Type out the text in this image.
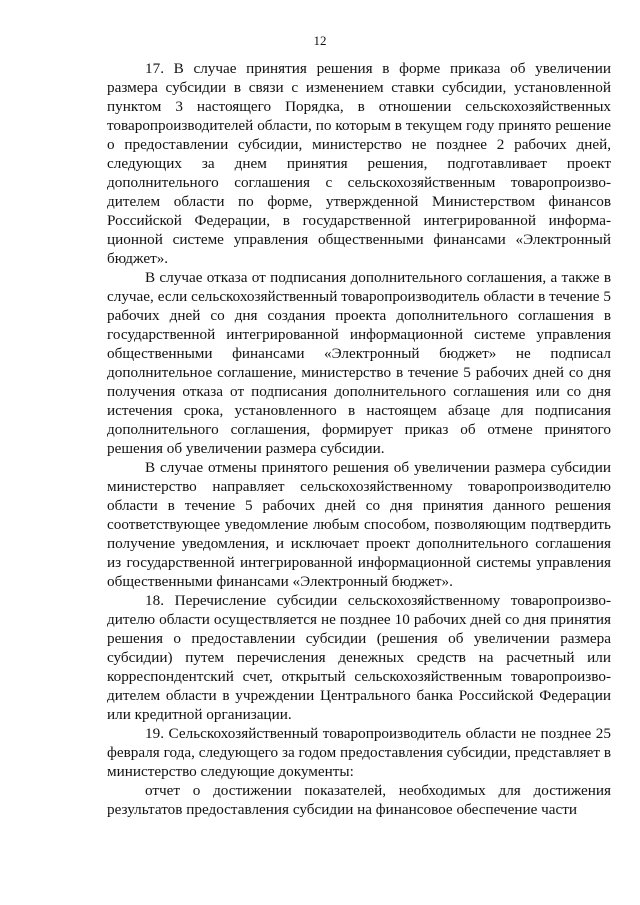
12

17. В случае принятия решения в форме приказа об увеличении размера субсидии в связи с изменением ставки субсидии, установленной пунктом 3 настоящего Порядка, в отношении сельскохозяйственных товаропроизводителей области, по которым в текущем году принято решение о предоставлении субсидии, министерство не позднее 2 рабочих дней, следующих за днем принятия решения, подготавливает проект дополнительного соглашения с сельскохозяйственным товаропроизводителем области по форме, утвержденной Министерством финансов Российской Федерации, в государственной интегрированной информационной системе управления общественными финансами «Электронный бюджет».

В случае отказа от подписания дополнительного соглашения, а также в случае, если сельскохозяйственный товаропроизводитель области в течение 5 рабочих дней со дня создания проекта дополнительного соглашения в государственной интегрированной информационной системе управления общественными финансами «Электронный бюджет» не подписал дополнительное соглашение, министерство в течение 5 рабочих дней со дня получения отказа от подписания дополнительного соглашения или со дня истечения срока, установленного в настоящем абзаце для подписания дополнительного соглашения, формирует приказ об отмене принятого решения об увеличении размера субсидии.

В случае отмены принятого решения об увеличении размера субсидии министерство направляет сельскохозяйственному товаропроизводителю области в течение 5 рабочих дней со дня принятия данного решения соответствующее уведомление любым способом, позволяющим подтвердить получение уведомления, и исключает проект дополнительного соглашения из государственной интегрированной информационной системы управления общественными финансами «Электронный бюджет».

18. Перечисление субсидии сельскохозяйственному товаропроизводителю области осуществляется не позднее 10 рабочих дней со дня принятия решения о предоставлении субсидии (решения об увеличении размера субсидии) путем перечисления денежных средств на расчетный или корреспондентский счет, открытый сельскохозяйственным товаропроизводителем области в учреждении Центрального банка Российской Федерации или кредитной организации.

19. Сельскохозяйственный товаропроизводитель области не позднее 25 февраля года, следующего за годом предоставления субсидии, представляет в министерство следующие документы:

отчет о достижении показателей, необходимых для достижения результатов предоставления субсидии на финансовое обеспечение части
